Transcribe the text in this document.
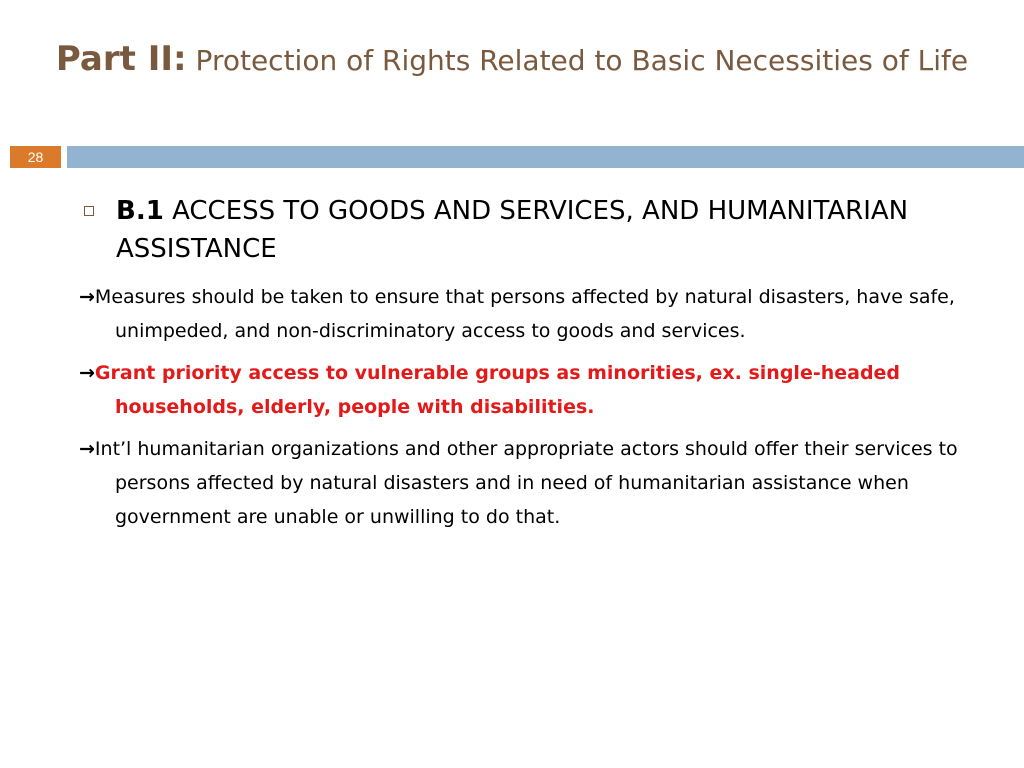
Part II: Protection of Rights Related to Basic Necessities of Life
28
B.1 ACCESS TO GOODS AND SERVICES, AND HUMANITARIAN ASSISTANCE
→Measures should be taken to ensure that persons affected by natural disasters, have safe, unimpeded, and non-discriminatory access to goods and services.
→Grant priority access to vulnerable groups as minorities, ex. single-headed households, elderly, people with disabilities.
→Int’l humanitarian organizations and other appropriate actors should offer their services to persons affected by natural disasters and in need of humanitarian assistance when government are unable or unwilling to do that.
